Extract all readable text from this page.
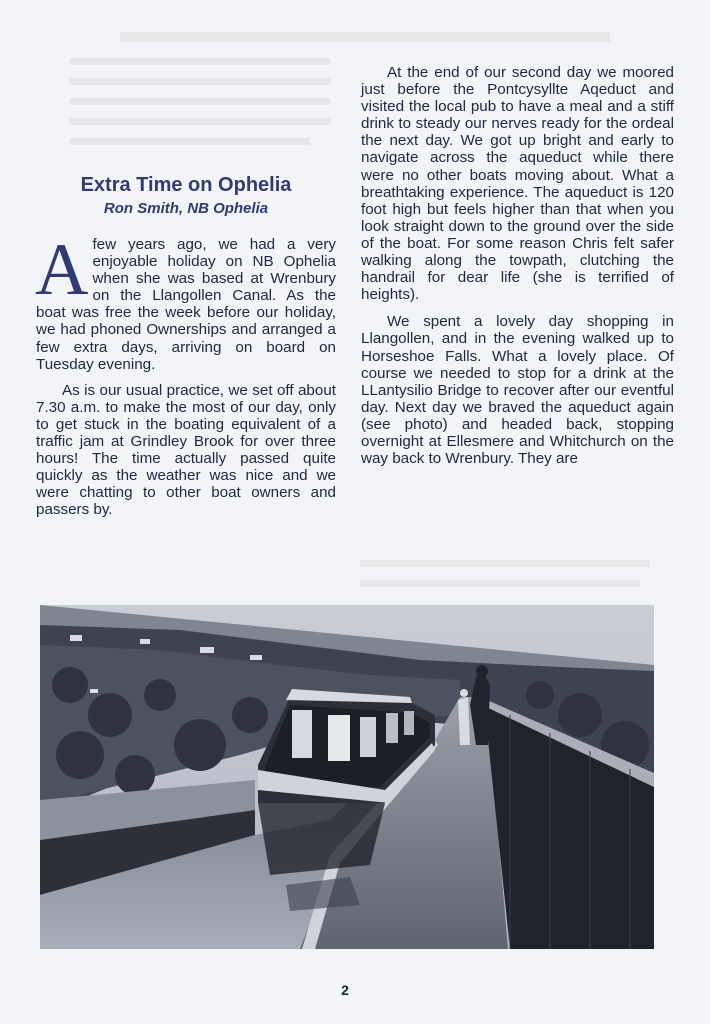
Extra Time on Ophelia
Ron Smith, NB Ophelia

Afew years ago, we had a very enjoyable holiday on NB Ophelia when she was based at Wrenbury on the Llangollen Canal. As the boat was free the week before our holiday, we had phoned Ownerships and arranged a few extra days, arriving on board on Tuesday evening.

As is our usual practice, we set off about 7.30 a.m. to make the most of our day, only to get stuck in the boating equivalent of a traffic jam at Grindley Brook for over three hours! The time actually passed quite quickly as the weather was nice and we were chatting to other boat owners and passers by.

At the end of our second day we moored just before the Pontcysyllte Aqeduct and visited the local pub to have a meal and a stiff drink to steady our nerves ready for the ordeal the next day. We got up bright and early to navigate across the aqueduct while there were no other boats moving about. What a breathtaking experience. The aqueduct is 120 foot high but feels higher than that when you look straight down to the ground over the side of the boat. For some reason Chris felt safer walking along the towpath, clutching the handrail for dear life (she is terrified of heights).

We spent a lovely day shopping in Llangollen, and in the evening walked up to Horseshoe Falls. What a lovely place. Of course we needed to stop for a drink at the LLantysilio Bridge to recover after our eventful day. Next day we braved the aqueduct again (see photo) and headed back, stopping overnight at Ellesmere and Whitchurch on the way back to Wrenbury. They are

2
